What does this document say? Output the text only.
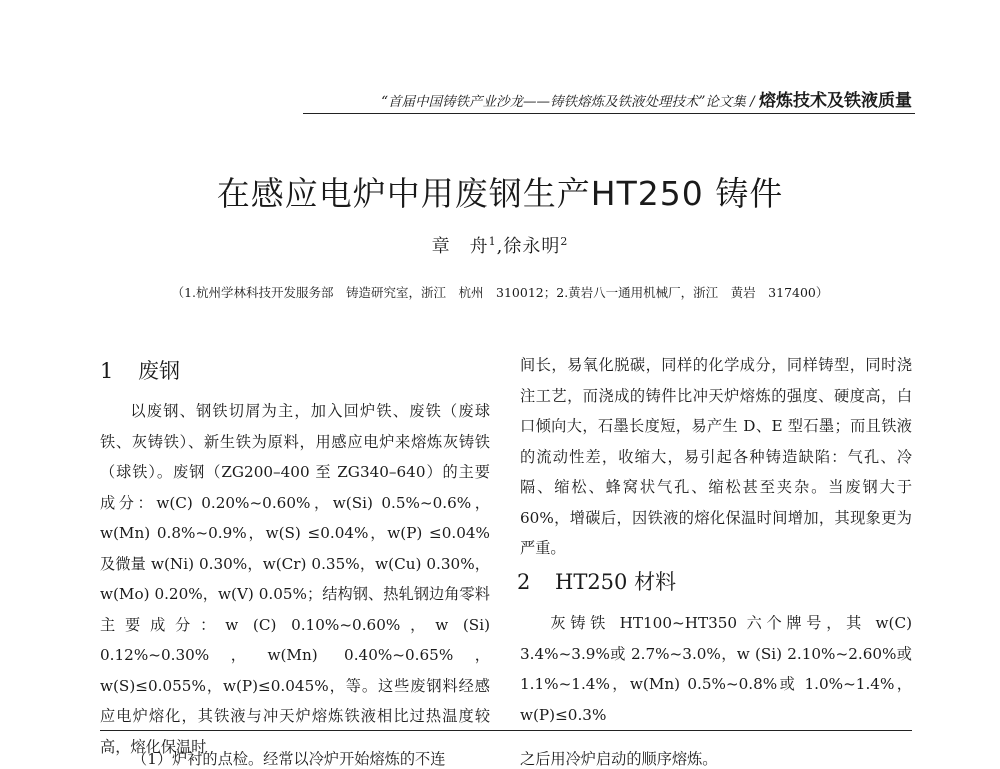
“首届中国铸铁产业沙龙——铸铁熔炼及铁液处理技术”论文集 / 熔炼技术及铁液质量
在感应电炉中用废钢生产HT250 铸件
章　舟$^1$,徐永明$^2$
（1.杭州学林科技开发服务部　铸造研究室，浙江　杭州　310012；2.黄岩八一通用机械厂，浙江　黄岩　317400）
1 废钢

以废钢、钢铁切屑为主，加入回炉铁、废铁（废球铁、灰铸铁）、新生铁为原料，用感应电炉来熔炼灰铸铁（球铁）。废钢（ZG200–400 至 ZG340–640）的主要成分：w(C) 0.20%~0.60%，w(Si) 0.5%~0.6%，w(Mn) 0.8%~0.9%，w(S) ≤0.04%，w(P) ≤0.04% 及微量 w(Ni) 0.30%，w(Cr) 0.35%，w(Cu) 0.30%，w(Mo) 0.20%，w(V) 0.05%；结构钢、热轧钢边角零料主要成分：w (C) 0.10%~0.60%，w (Si) 0.12%~0.30%，w(Mn) 0.40%~0.65%，w(S)≤0.055%，w(P)≤0.045%，等。这些废钢料经感应电炉熔化，其铁液与冲天炉熔炼铁液相比过热温度较高，熔化保温时

间长，易氧化脱碳，同样的化学成分，同样铸型，同时浇注工艺，而浇成的铸件比冲天炉熔炼的强度、硬度高，白口倾向大，石墨长度短，易产生 D、E 型石墨；而且铁液的流动性差，收缩大，易引起各种铸造缺陷：气孔、冷隔、缩松、蜂窝状气孔、缩松甚至夹杂。当废钢大于 60%，增碳后，因铁液的熔化保温时间增加，其现象更为严重。

2 HT250 材料

灰铸铁 HT100~HT350 六个牌号，其 w(C) 3.4%~3.9%或 2.7%~3.0%，w (Si) 2.10%~2.60%或 1.1%~1.4%，w(Mn) 0.5%~0.8%或 1.0%~1.4%，w(P)≤0.3%

（1）炉衬的点检。经常以冷炉开始熔炼的不连	之后用冷炉启动的顺序熔炼。
